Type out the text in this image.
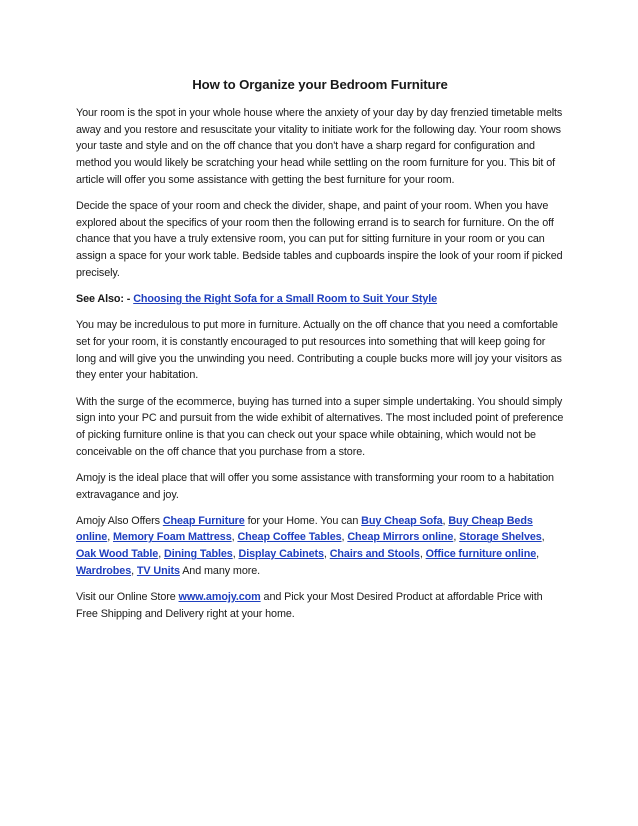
How to Organize your Bedroom Furniture

Your room is the spot in your whole house where the anxiety of your day by day frenzied timetable melts away and you restore and resuscitate your vitality to initiate work for the following day. Your room shows your taste and style and on the off chance that you don't have a sharp regard for configuration and method you would likely be scratching your head while settling on the room furniture for you. This bit of article will offer you some assistance with getting the best furniture for your room.

Decide the space of your room and check the divider, shape, and paint of your room. When you have explored about the specifics of your room then the following errand is to search for furniture. On the off chance that you have a truly extensive room, you can put for sitting furniture in your room or you can assign a space for your work table. Bedside tables and cupboards inspire the look of your room if picked precisely.

See Also: - Choosing the Right Sofa for a Small Room to Suit Your Style

You may be incredulous to put more in furniture. Actually on the off chance that you need a comfortable set for your room, it is constantly encouraged to put resources into something that will keep going for long and will give you the unwinding you need. Contributing a couple bucks more will joy your visitors as they enter your habitation.

With the surge of the ecommerce, buying has turned into a super simple undertaking. You should simply sign into your PC and pursuit from the wide exhibit of alternatives. The most included point of preference of picking furniture online is that you can check out your space while obtaining, which would not be conceivable on the off chance that you purchase from a store.

Amojy is the ideal place that will offer you some assistance with transforming your room to a habitation extravagance and joy.

Amojy Also Offers Cheap Furniture for your Home. You can Buy Cheap Sofa, Buy Cheap Beds online, Memory Foam Mattress, Cheap Coffee Tables, Cheap Mirrors online, Storage Shelves, Oak Wood Table, Dining Tables, Display Cabinets, Chairs and Stools, Office furniture online, Wardrobes, TV Units And many more.

Visit our Online Store www.amojy.com and Pick your Most Desired Product at affordable Price with Free Shipping and Delivery right at your home.
